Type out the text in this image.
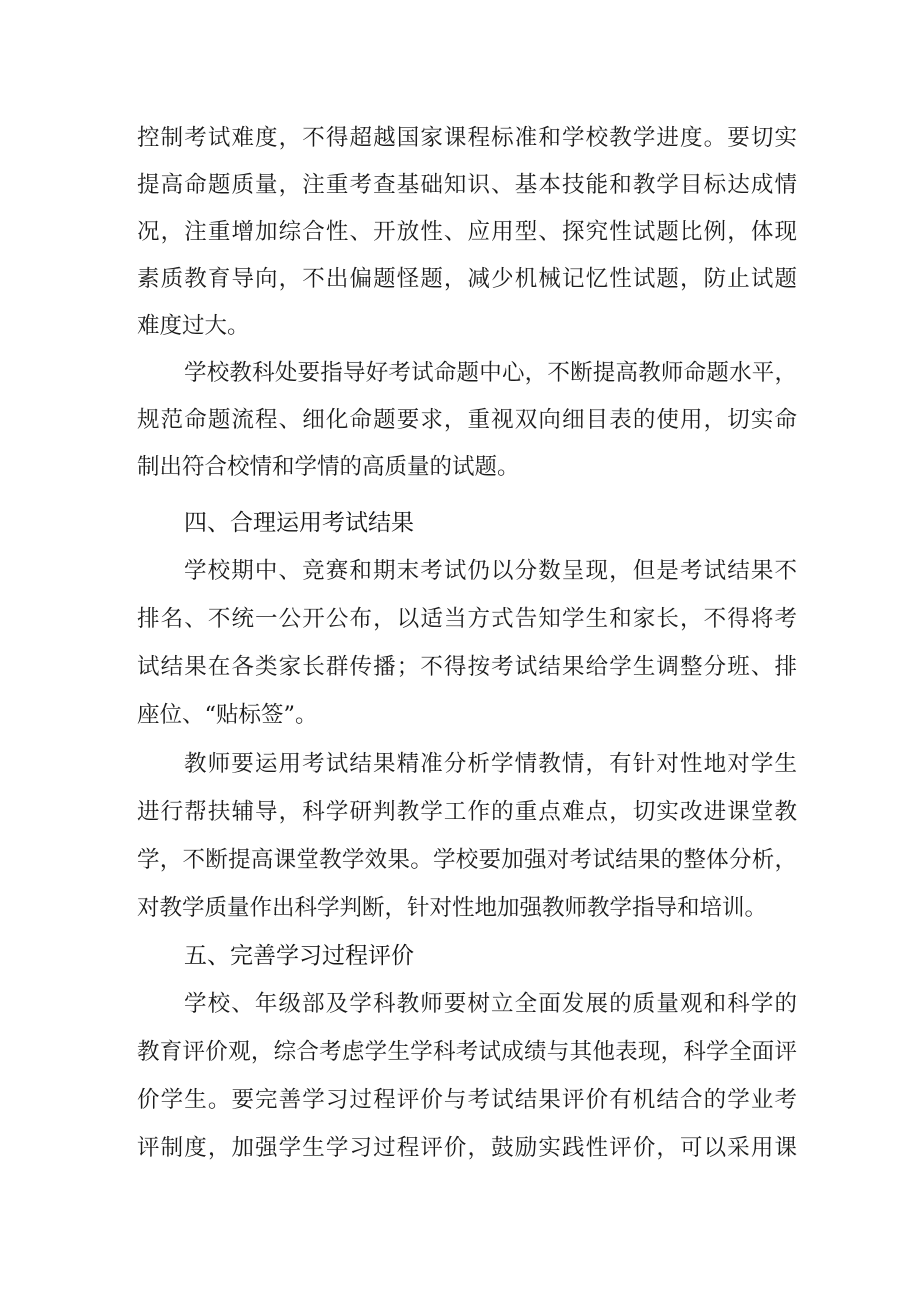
控制考试难度，不得超越国家课程标准和学校教学进度。要切实
提高命题质量，注重考查基础知识、基本技能和教学目标达成情
况，注重增加综合性、开放性、应用型、探究性试题比例，体现
素质教育导向，不出偏题怪题，减少机械记忆性试题，防止试题
难度过大。
学校教科处要指导好考试命题中心，不断提高教师命题水平，
规范命题流程、细化命题要求，重视双向细目表的使用，切实命
制出符合校情和学情的高质量的试题。
四、合理运用考试结果
学校期中、竞赛和期末考试仍以分数呈现，但是考试结果不
排名、不统一公开公布，以适当方式告知学生和家长，不得将考
试结果在各类家长群传播；不得按考试结果给学生调整分班、排
座位、“贴标签”。
教师要运用考试结果精准分析学情教情，有针对性地对学生
进行帮扶辅导，科学研判教学工作的重点难点，切实改进课堂教
学，不断提高课堂教学效果。学校要加强对考试结果的整体分析，
对教学质量作出科学判断，针对性地加强教师教学指导和培训。
五、完善学习过程评价
学校、年级部及学科教师要树立全面发展的质量观和科学的
教育评价观，综合考虑学生学科考试成绩与其他表现，科学全面评
价学生。要完善学习过程评价与考试结果评价有机结合的学业考
评制度，加强学生学习过程评价，鼓励实践性评价，可以采用课
